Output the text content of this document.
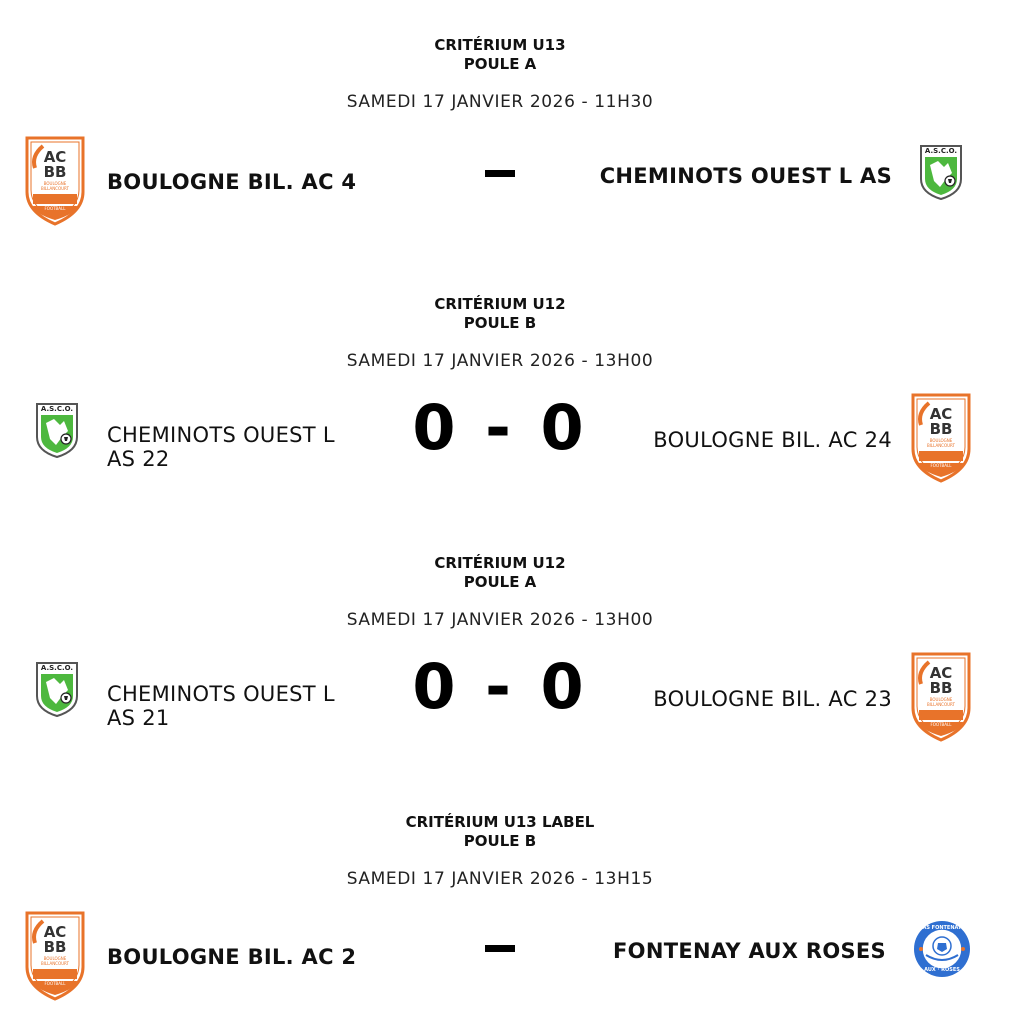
CRITÉRIUM U13
POULE A
SAMEDI 17 JANVIER 2026 - 11H30
AC
BB
BOULOGNE BILLANCOURT
FOOTBALL
BOULOGNE BIL. AC 4	CHEMINOTS OUEST L AS
A.S.C.O.
CRITÉRIUM U12
POULE B
SAMEDI 17 JANVIER 2026 - 13H00
A.S.C.O.
CHEMINOTS OUEST L AS 22	0 - 0	BOULOGNE BIL. AC 24
AC
BB
BOULOGNE BILLANCOURT
FOOTBALL
CRITÉRIUM U12
POULE A
SAMEDI 17 JANVIER 2026 - 13H00
A.S.C.O.
CHEMINOTS OUEST L AS 21	0 - 0	BOULOGNE BIL. AC 23
AC
BB
BOULOGNE BILLANCOURT
FOOTBALL
CRITÉRIUM U13 LABEL
POULE B
SAMEDI 17 JANVIER 2026 - 13H15
AC
BB
BOULOGNE BILLANCOURT
FOOTBALL
BOULOGNE BIL. AC 2	FONTENAY AUX ROSES
AS FONTENAY
AUX · ROSES
